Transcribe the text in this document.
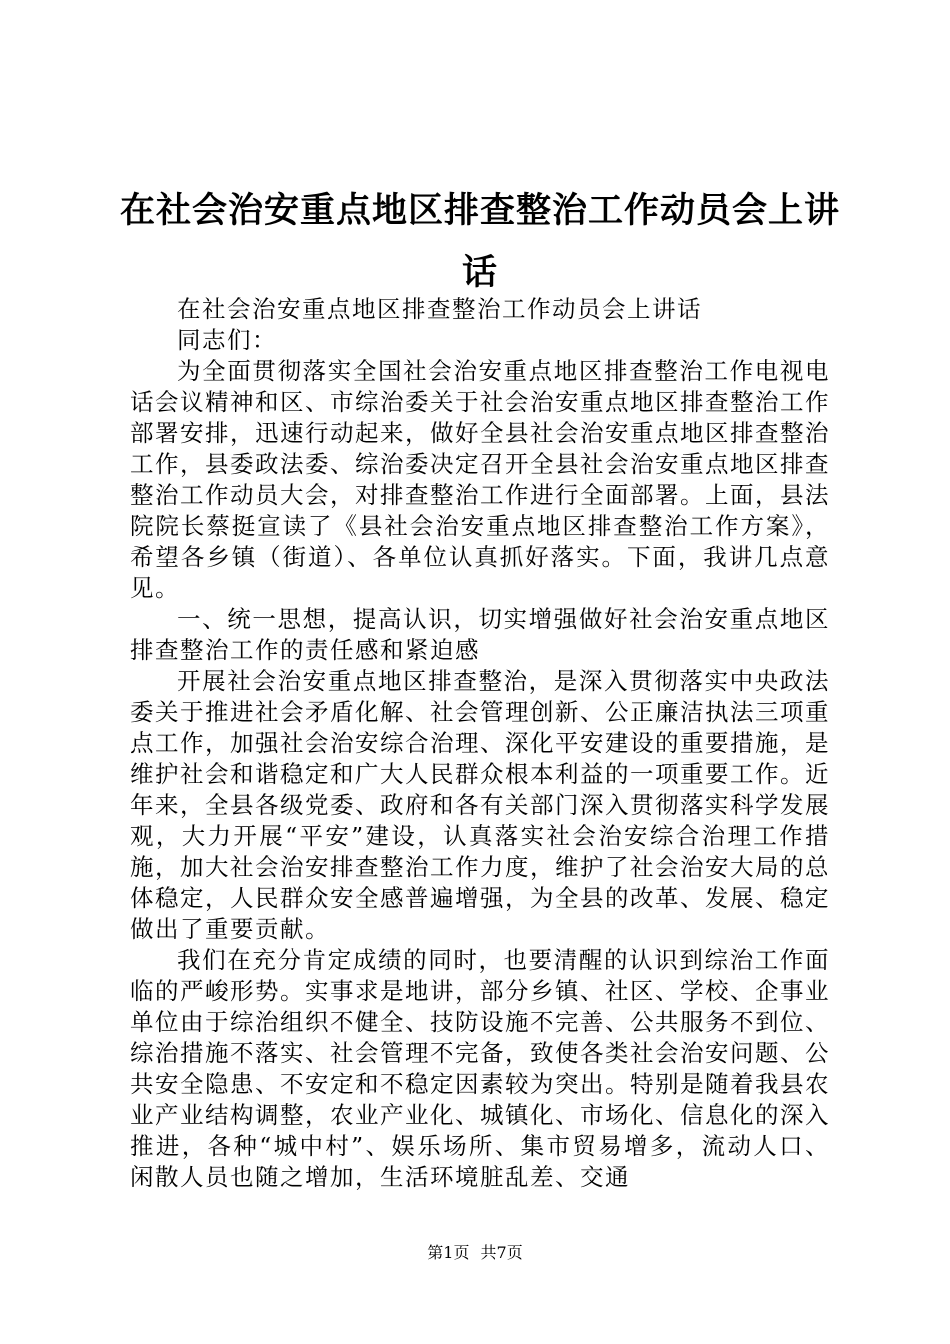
在社会治安重点地区排查整治工作动员会上讲话

在社会治安重点地区排查整治工作动员会上讲话

同志们：

为全面贯彻落实全国社会治安重点地区排查整治工作电视电话会议精神和区、市综治委关于社会治安重点地区排查整治工作部署安排，迅速行动起来，做好全县社会治安重点地区排查整治工作，县委政法委、综治委决定召开全县社会治安重点地区排查整治工作动员大会，对排查整治工作进行全面部署。上面，县法院院长蔡挺宣读了《县社会治安重点地区排查整治工作方案》，希望各乡镇（街道）、各单位认真抓好落实。下面，我讲几点意见。

一、统一思想，提高认识，切实增强做好社会治安重点地区排查整治工作的责任感和紧迫感

开展社会治安重点地区排查整治，是深入贯彻落实中央政法委关于推进社会矛盾化解、社会管理创新、公正廉洁执法三项重点工作，加强社会治安综合治理、深化平安建设的重要措施，是维护社会和谐稳定和广大人民群众根本利益的一项重要工作。近年来，全县各级党委、政府和各有关部门深入贯彻落实科学发展观，大力开展“平安”建设，认真落实社会治安综合治理工作措施，加大社会治安排查整治工作力度，维护了社会治安大局的总体稳定，人民群众安全感普遍增强，为全县的改革、发展、稳定做出了重要贡献。

我们在充分肯定成绩的同时，也要清醒的认识到综治工作面临的严峻形势。实事求是地讲，部分乡镇、社区、学校、企事业单位由于综治组织不健全、技防设施不完善、公共服务不到位、综治措施不落实、社会管理不完备，致使各类社会治安问题、公共安全隐患、不安定和不稳定因素较为突出。特别是随着我县农业产业结构调整，农业产业化、城镇化、市场化、信息化的深入推进，各种“城中村”、娱乐场所、集市贸易增多，流动人口、闲散人员也随之增加，生活环境脏乱差、交通

第1页 共7页
